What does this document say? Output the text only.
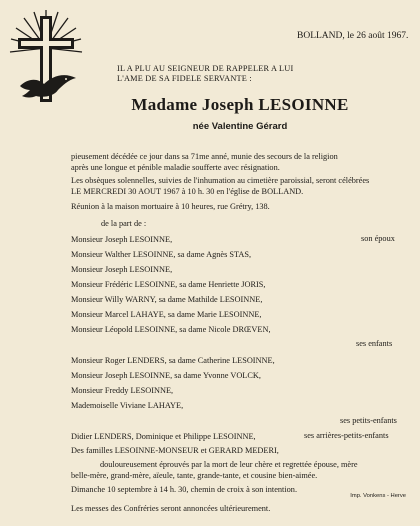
BOLLAND, le 26 août 1967.
IL A PLU AU SEIGNEUR DE RAPPELER A LUI
L'AME DE SA FIDELE SERVANTE :
Madame Joseph LESOINNE
née Valentine Gérard
pieusement décédée ce jour dans sa 71me anné, munie des secours de la religion
après une longue et pénible maladie soufferte avec résignation.
Les obsèques solennelles, suivies de l'inhumation au cimetière paroissial, seront célébrées
LE MERCREDI 30 AOUT 1967 à 10 h. 30 en l'église de BOLLAND.
Réunion à la maison mortuaire à 10 heures, rue Grétry, 138.
de la part de :
Monsieur Joseph LESOINNE,	son époux
Monsieur Walther LESOINNE, sa dame Agnès STAS,
Monsieur Joseph LESOINNE,
Monsieur Frédéric LESOINNE, sa dame Henriette JORIS,
Monsieur Willy WARNY, sa dame Mathilde LESOINNE,
Monsieur Marcel LAHAYE, sa dame Marie LESOINNE,
Monsieur Léopold LESOINNE, sa dame Nicole DRŒVEN,
ses enfants
Monsieur Roger LENDERS, sa dame Catherine LESOINNE,
Monsieur Joseph LESOINNE, sa dame Yvonne VOLCK,
Monsieur Freddy LESOINNE,
Mademoiselle Viviane LAHAYE,
ses petits-enfants
Didier LENDERS, Dominique et Philippe LESOINNE,	ses arrières-petits-enfants
Des familles LESOINNE-MONSEUR et GERARD MEDERI,
douloureusement éprouvés par la mort de leur chère et regrettée épouse, mère
belle-mère, grand-mère, aïeule, tante, grande-tante, et cousine bien-aimée.
Dimanche 10 septembre à 14 h. 30, chemin de croix à son intention.
Les messes des Confréries seront annoncées ultérieurement.
Imp. Vonkens - Herve
